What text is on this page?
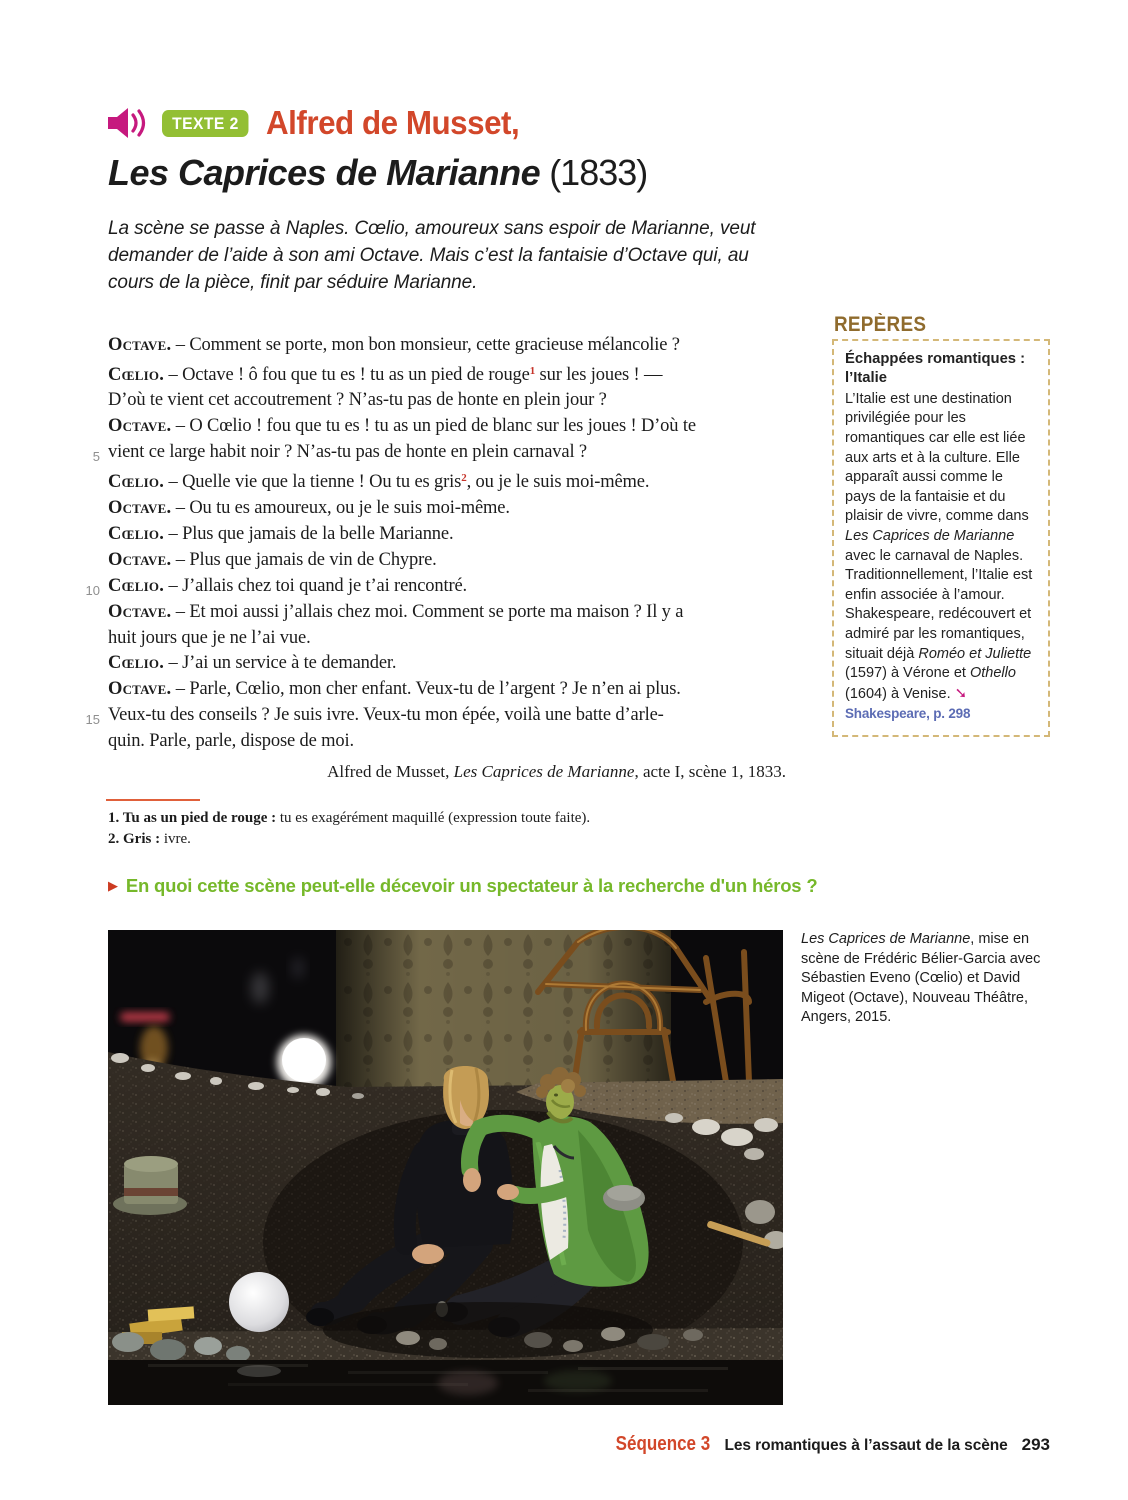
TEXTE 2 Alfred de Musset,
Les Caprices de Marianne (1833)

La scène se passe à Naples. Cœlio, amoureux sans espoir de Marianne, veut demander de l’aide à son ami Octave. Mais c’est la fantaisie d’Octave qui, au cours de la pièce, finit par séduire Marianne.

Octave. – Comment se porte, mon bon monsieur, cette gracieuse mélancolie ?
Cœlio. – Octave ! ô fou que tu es ! tu as un pied de rouge$^1$ sur les joues ! —
D’où te vient cet accoutrement ? N’as-tu pas de honte en plein jour ?
Octave. – O Cœlio ! fou que tu es ! tu as un pied de blanc sur les joues ! D’où te
5 vient ce large habit noir ? N’as-tu pas de honte en plein carnaval ?
Cœlio. – Quelle vie que la tienne ! Ou tu es gris$^2$, ou je le suis moi-même.
Octave. – Ou tu es amoureux, ou je le suis moi-même.
Cœlio. – Plus que jamais de la belle Marianne.
Octave. – Plus que jamais de vin de Chypre.
10 Cœlio. – J’allais chez toi quand je t’ai rencontré.
Octave. – Et moi aussi j’allais chez moi. Comment se porte ma maison ? Il y a
huit jours que je ne l’ai vue.
Cœlio. – J’ai un service à te demander.
Octave. – Parle, Cœlio, mon cher enfant. Veux-tu de l’argent ? Je n’en ai plus.
15 Veux-tu des conseils ? Je suis ivre. Veux-tu mon épée, voilà une batte d’arle-
quin. Parle, parle, dispose de moi.
REPÈRES

Échappées romantiques : l’Italie

L’Italie est une destination privilégiée pour les romantiques car elle est liée aux arts et à la culture. Elle apparaît aussi comme le pays de la fantaisie et du plaisir de vivre, comme dans Les Caprices de Marianne avec le carnaval de Naples. Traditionnellement, l’Italie est enfin associée à l’amour. Shakespeare, redécouvert et admiré par les romantiques, situait déjà Roméo et Juliette (1597) à Vérone et Othello (1604) à Venise. ➘ Shakespeare, p. 298

Alfred de Musset, Les Caprices de Marianne, acte I, scène 1, 1833.

1. Tu as un pied de rouge : tu es exagérément maquillé (expression toute faite).
2. Gris : ivre.
▶ En quoi cette scène peut-elle décevoir un spectateur à la recherche d'un héros ?

Les Caprices de Marianne, mise en scène de Frédéric Bélier-Garcia avec Sébastien Eveno (Cœlio) et David Migeot (Octave), Nouveau Théâtre, Angers, 2015.

Séquence 3 Les romantiques à l’assaut de la scène 293
